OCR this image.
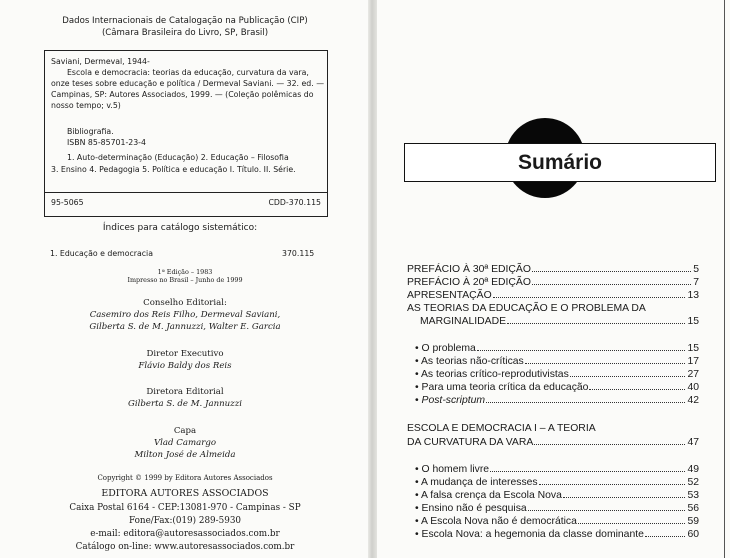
Dados Internacionais de Catalogação na Publicação (CIP)
(Câmara Brasileira do Livro, SP, Brasil)
Saviani, Dermeval, 1944-
Escola e democracia: teorias da educação, curvatura da vara,
onze teses sobre educação e política / Dermeval Saviani. — 32. ed. —
Campinas, SP: Autores Associados, 1999. — (Coleção polêmicas do
nosso tempo; v.5)
Bibliografia.
ISBN 85-85701-23-4
1. Auto-determinação (Educação) 2. Educação – Filosofia
3. Ensino 4. Pedagogia 5. Política e educação I. Título. II. Série.
95-5065	CDD-370.115
Índices para catálogo sistemático:
1. Educação e democracia	370.115
1ª Edição – 1983
Impresso no Brasil – Junho de 1999
Conselho Editorial:
Casemiro dos Reis Filho, Dermeval Saviani,
Gilberta S. de M. Jannuzzi, Walter E. Garcia
Diretor Executivo
Flávio Baldy dos Reis
Diretora Editorial
Gilberta S. de M. Jannuzzi
Capa
Vlad Camargo
Milton José de Almeida
Copyright © 1999 by Editora Autores Associados
EDITORA AUTORES ASSOCIADOS
Caixa Postal 6164 - CEP:13081-970 - Campinas - SP
Fone/Fax:(019) 289-5930
e-mail: editora@autoresassociados.com.br
Catálogo on-line: www.autoresassociados.com.br
Sumário
PREFÁCIO À 30ª EDIÇÃO	5
PREFÁCIO À 20ª EDIÇÃO	7
APRESENTAÇÃO	13
AS TEORIAS DA EDUCAÇÃO E O PROBLEMA DA
MARGINALIDADE	15
• O problema	15
• As teorias não-críticas	17
• As teorias crítico-reprodutivistas	27
• Para uma teoria crítica da educação	40
•
Post-scriptum	42
ESCOLA E DEMOCRACIA I – A TEORIA
DA CURVATURA DA VARA	47
• O homem livre	49
• A mudança de interesses	52
• A falsa crença da Escola Nova	53
• Ensino não é pesquisa	56
• A Escola Nova não é democrática	59
• Escola Nova: a hegemonia da classe dominante	60
